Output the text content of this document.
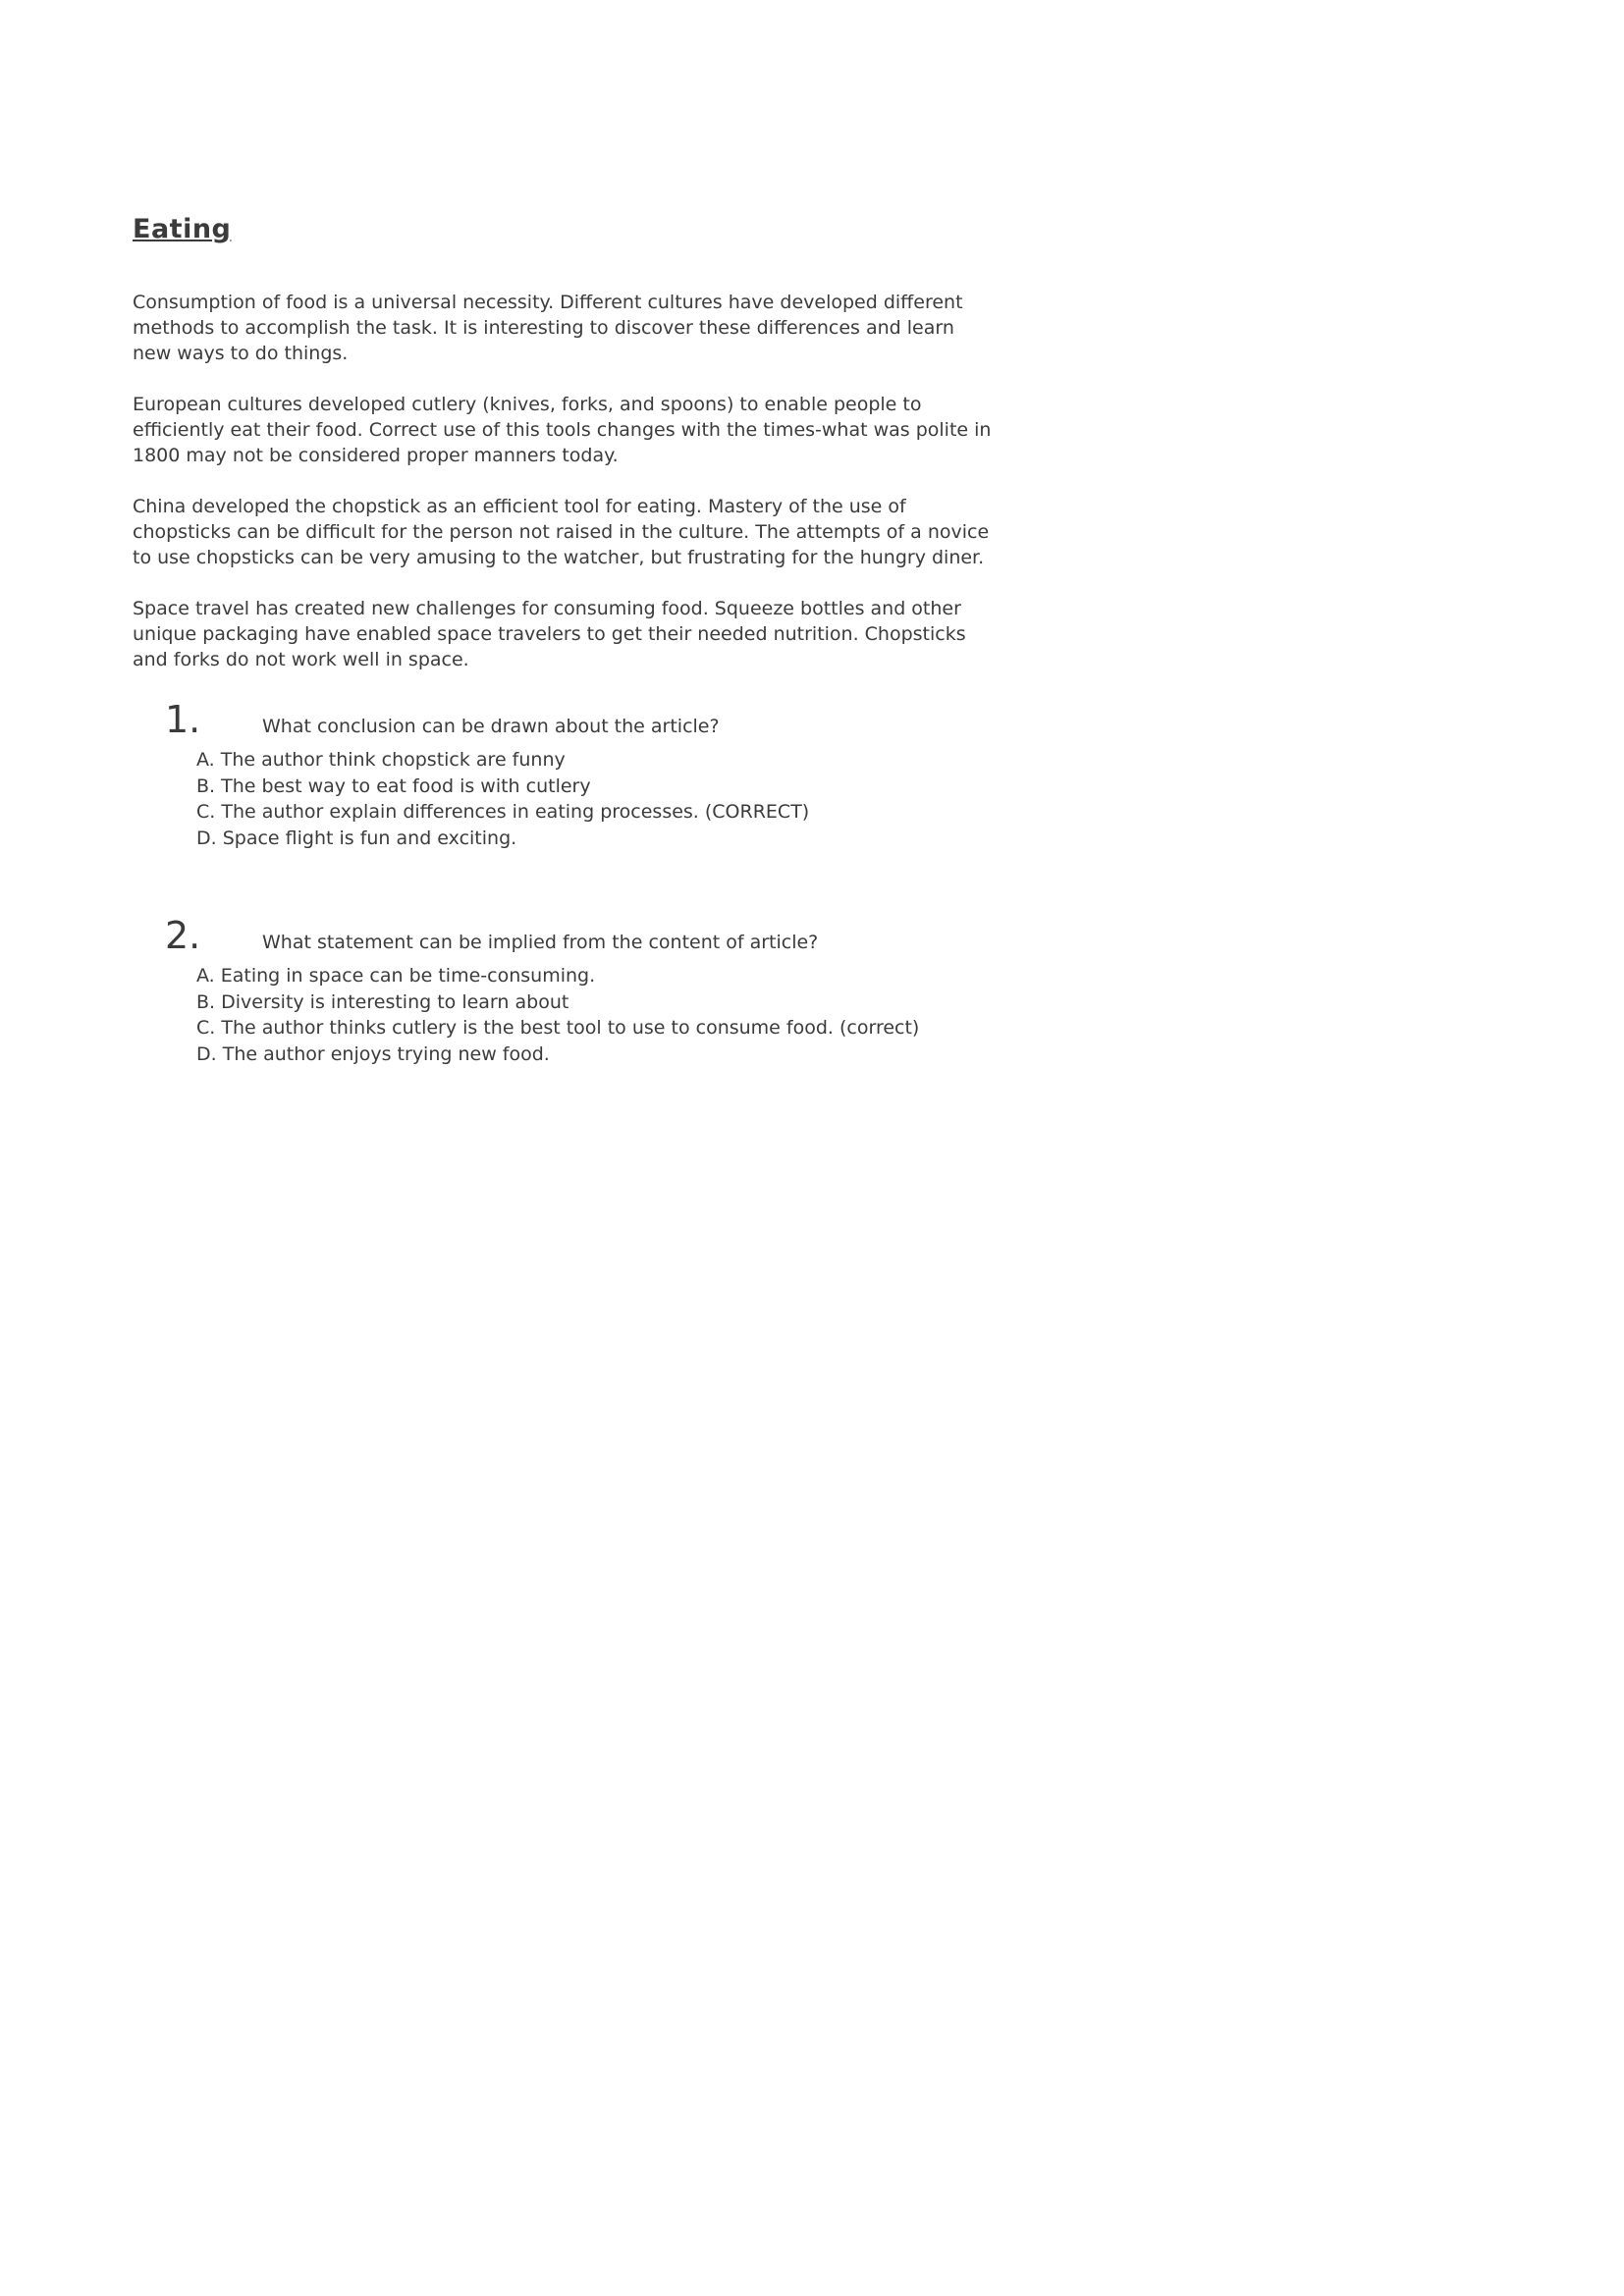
Eating

Consumption of food is a universal necessity. Different cultures have developed different methods to accomplish the task. It is interesting to discover these differences and learn new ways to do things.

European cultures developed cutlery (knives, forks, and spoons) to enable people to efficiently eat their food. Correct use of this tools changes with the times-what was polite in 1800 may not be considered proper manners today.

China developed the chopstick as an efficient tool for eating. Mastery of the use of chopsticks can be difficult for the person not raised in the culture. The attempts of a novice to use chopsticks can be very amusing to the watcher, but frustrating for the hungry diner.

Space travel has created new challenges for consuming food. Squeeze bottles and other unique packaging have enabled space travelers to get their needed nutrition. Chopsticks and forks do not work well in space.

1.	What conclusion can be drawn about the article?
A. The author think chopstick are funny
B. The best way to eat food is with cutlery
C. The author explain differences in eating processes. (CORRECT)
D. Space flight is fun and exciting.
2.	What statement can be implied from the content of article?
A. Eating in space can be time-consuming.
B. Diversity is interesting to learn about
C. The author thinks cutlery is the best tool to use to consume food. (correct)
D. The author enjoys trying new food.
